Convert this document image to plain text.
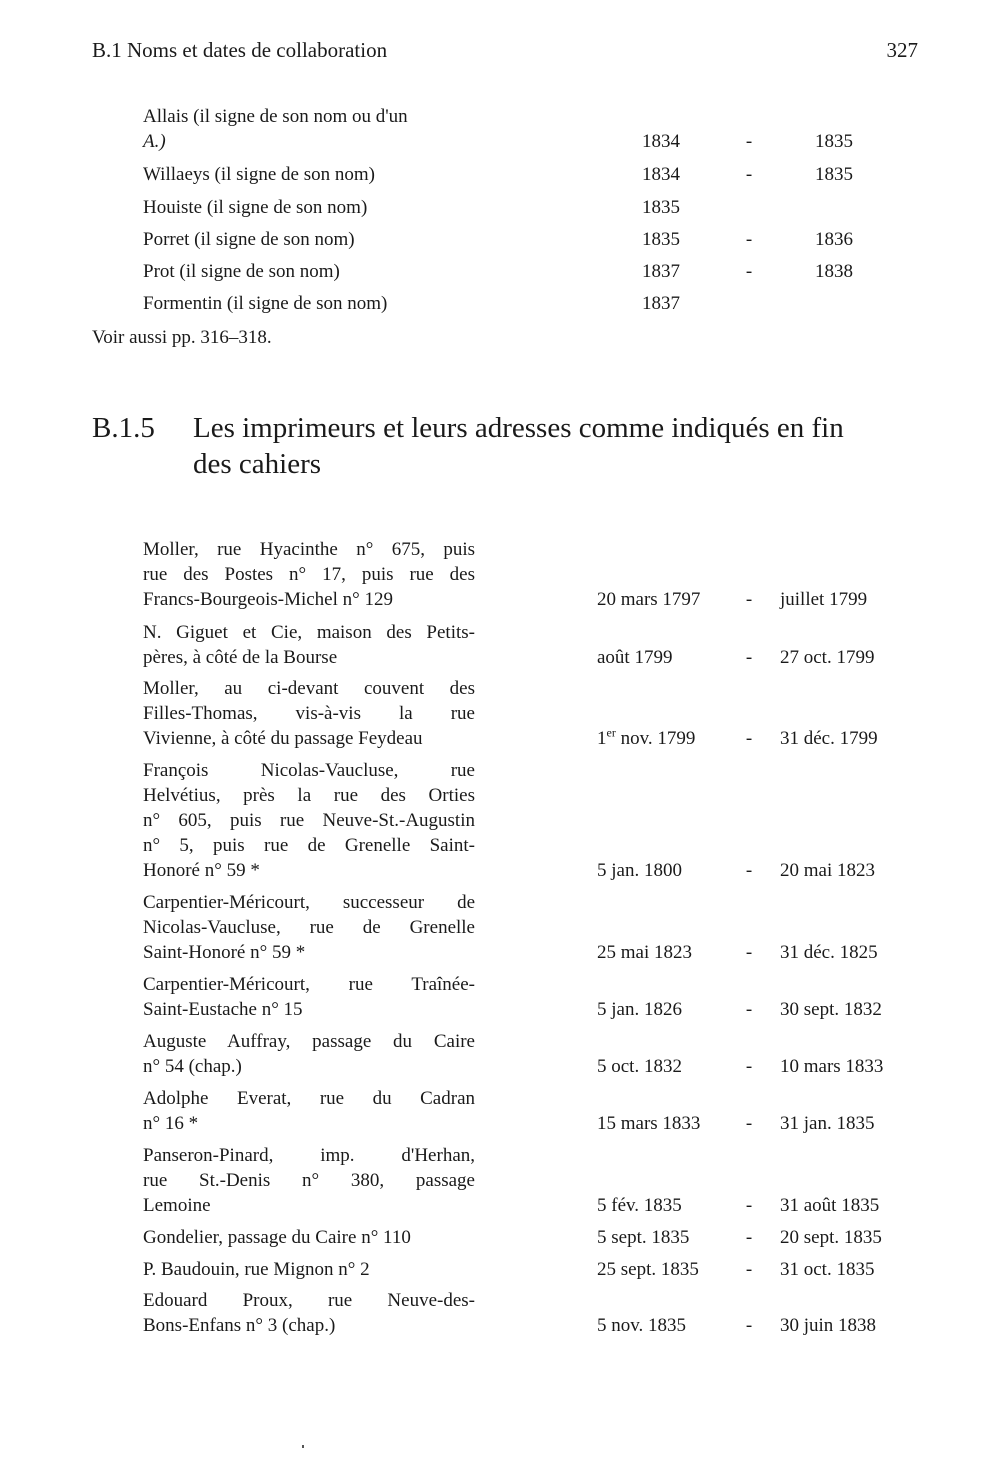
B.1 Noms et dates de collaboration	327
Allais (il signe de son nom ou d'un
A.)	1834	-	1835
Willaeys (il signe de son nom)	1834	-	1835
Houiste (il signe de son nom)	1835
Porret (il signe de son nom)	1835	-	1836
Prot (il signe de son nom)	1837	-	1838
Formentin (il signe de son nom)	1837
Voir aussi pp. 316–318.
B.1.5 Les imprimeurs et leurs adresses comme indiqués en fin
des cahiers
Moller, rue Hyacinthe n° 675, puis
rue des Postes n° 17, puis rue des
Francs-Bourgeois-Michel n° 129	20 mars 1797 - juillet 1799
N. Giguet et Cie, maison des Petits-
pères, à côté de la Bourse	août 1799	- 27 oct. 1799
Moller, au ci-devant couvent des
Filles-Thomas, vis-à-vis la rue
Vivienne, à côté du passage Feydeau	1er nov. 1799	- 31 déc. 1799
François Nicolas-Vaucluse, rue
Helvétius, près la rue des Orties
n° 605, puis rue Neuve-St.-Augustin
n° 5, puis rue de Grenelle Saint-
Honoré n° 59 *	5 jan. 1800	- 20 mai 1823
Carpentier-Méricourt, successeur de
Nicolas-Vaucluse, rue de Grenelle
Saint-Honoré n° 59 *	25 mai 1823	- 31 déc. 1825
Carpentier-Méricourt, rue Traînée-
Saint-Eustache n° 15	5 jan. 1826	- 30 sept. 1832
Auguste Auffray, passage du Caire
n° 54 (chap.)	5 oct. 1832	- 10 mars 1833
Adolphe Everat, rue du Cadran
n° 16 *	15 mars 1833 - 31 jan. 1835
Panseron-Pinard, imp. d'Herhan,
rue St.-Denis n° 380, passage
Lemoine	5 fév. 1835	- 31 août 1835
Gondelier, passage du Caire n° 110	5 sept. 1835	- 20 sept. 1835
P. Baudouin, rue Mignon n° 2	25 sept. 1835 - 31 oct. 1835
Edouard Proux, rue Neuve-des-
Bons-Enfans n° 3 (chap.)	5 nov. 1835	- 30 juin 1838
